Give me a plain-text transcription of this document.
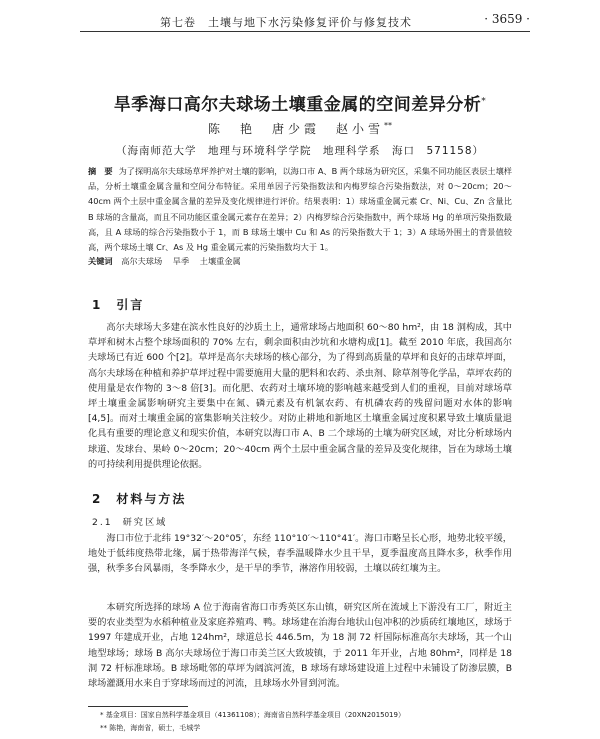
第七卷　土壤与地下水污染修复评价与修复技术	· 3659 ·
旱季海口高尔夫球场土壤重金属的空间差异分析*
陈　艳　唐少霞　赵小雪**
（海南师范大学　地理与环境科学学院　地理科学系　海口　571158）
摘　要 为了探明高尔夫球场草坪养护对土壤的影响，以海口市 A、B 两个球场为研究区，采集不同功能区表层土壤样品，分析土壤重金属含量和空间分布特征。采用单因子污染指数法和内梅罗综合污染指数法，对 0～20cm；20～40cm 两个土层中重金属含量的差异及变化规律进行评价。结果表明：1）球场重金属元素 Cr、Ni、Cu、Zn 含量比 B 球场的含量高，而且不同功能区重金属元素存在差异；2）内梅罗综合污染指数中，两个球场 Hg 的单项污染指数最高，且 A 球场的综合污染指数小于 1，而 B 球场土壤中 Cu 和 As 的污染指数大于 1；3）A 球场外围土的背景值较高，两个球场土壤 Cr、As 及 Hg 重金属元素的污染指数均大于 1。
关键词 高尔夫球场 旱季 土壤重金属
1 引言
高尔夫球场大多建在滨水性良好的沙质土上，通常球场占地面积 60～80 hm²，由 18 洞构成，其中草坪和树木占整个球场面积的 70% 左右，剩余面积由沙坑和水塘构成[1]。截至 2010 年底，我国高尔夫球场已有近 600 个[2]。草坪是高尔夫球场的核心部分，为了得到高质量的草坪和良好的击球草坪面，高尔夫球场在种植和养护草坪过程中需要施用大量的肥料和农药、杀虫剂、除草剂等化学品，草坪农药的使用量是农作物的 3～8 倍[3]。而化肥、农药对土壤环境的影响越来越受到人们的重视，目前对球场草坪土壤重金属影响研究主要集中在氮、磷元素及有机氯农药、有机磷农药的残留问题对水体的影响[4,5]。而对土壤重金属的富集影响关注较少。对防止耕地和新地区土壤重金属过度积累导致土壤质量退化具有重要的理论意义和现实价值，本研究以海口市 A、B 二个球场的土壤为研究区域，对比分析球场内球道、发球台、果岭 0～20cm；20～40cm 两个土层中重金属含量的差异及变化规律，旨在为球场土壤的可持续利用提供理论依据。
2 材料与方法
2.1 研究区域
海口市位于北纬 19°32′～20°05′，东经 110°10′～110°41′。海口市略呈长心形，地势北较平缓，地处于低纬度热带北缘，属于热带海洋气候，春季温暖降水少且干旱，夏季温度高且降水多，秋季作用强，秋季多台风暴雨，冬季降水少，是干旱的季节，淋溶作用较弱，土壤以砖红壤为主。
本研究所选择的球场 A 位于海南省海口市秀英区东山镇，研究区所在流域上下游没有工厂，附近主要的农业类型为水稻种植业及家庭养殖鸡、鸭。球场建在治海台地状山包冲积的沙质砖红壤地区，球场于 1997 年建成开业，占地 124hm²，球道总长 446.5m，为 18 洞 72 杆国际标准高尔夫球场，其一个山地型球场；球场 B 高尔夫球场位于海口市美兰区大致坡镇，于 2011 年开业，占地 80hm²，同样是 18 洞 72 杆标准球场。B 球场毗邻的草坪为阔滨河流，B 球场有球场建设道上过程中未铺设了防渗层膜，B 球场灌溉用水来自于穿球场而过的河流，且球场水外冒到河流。
* 基金项目：国家自然科学基金项目（41361108）；海南省自然科学基金项目（20XN2015019）
** 陈艳，海南省，硕士，毛城学
